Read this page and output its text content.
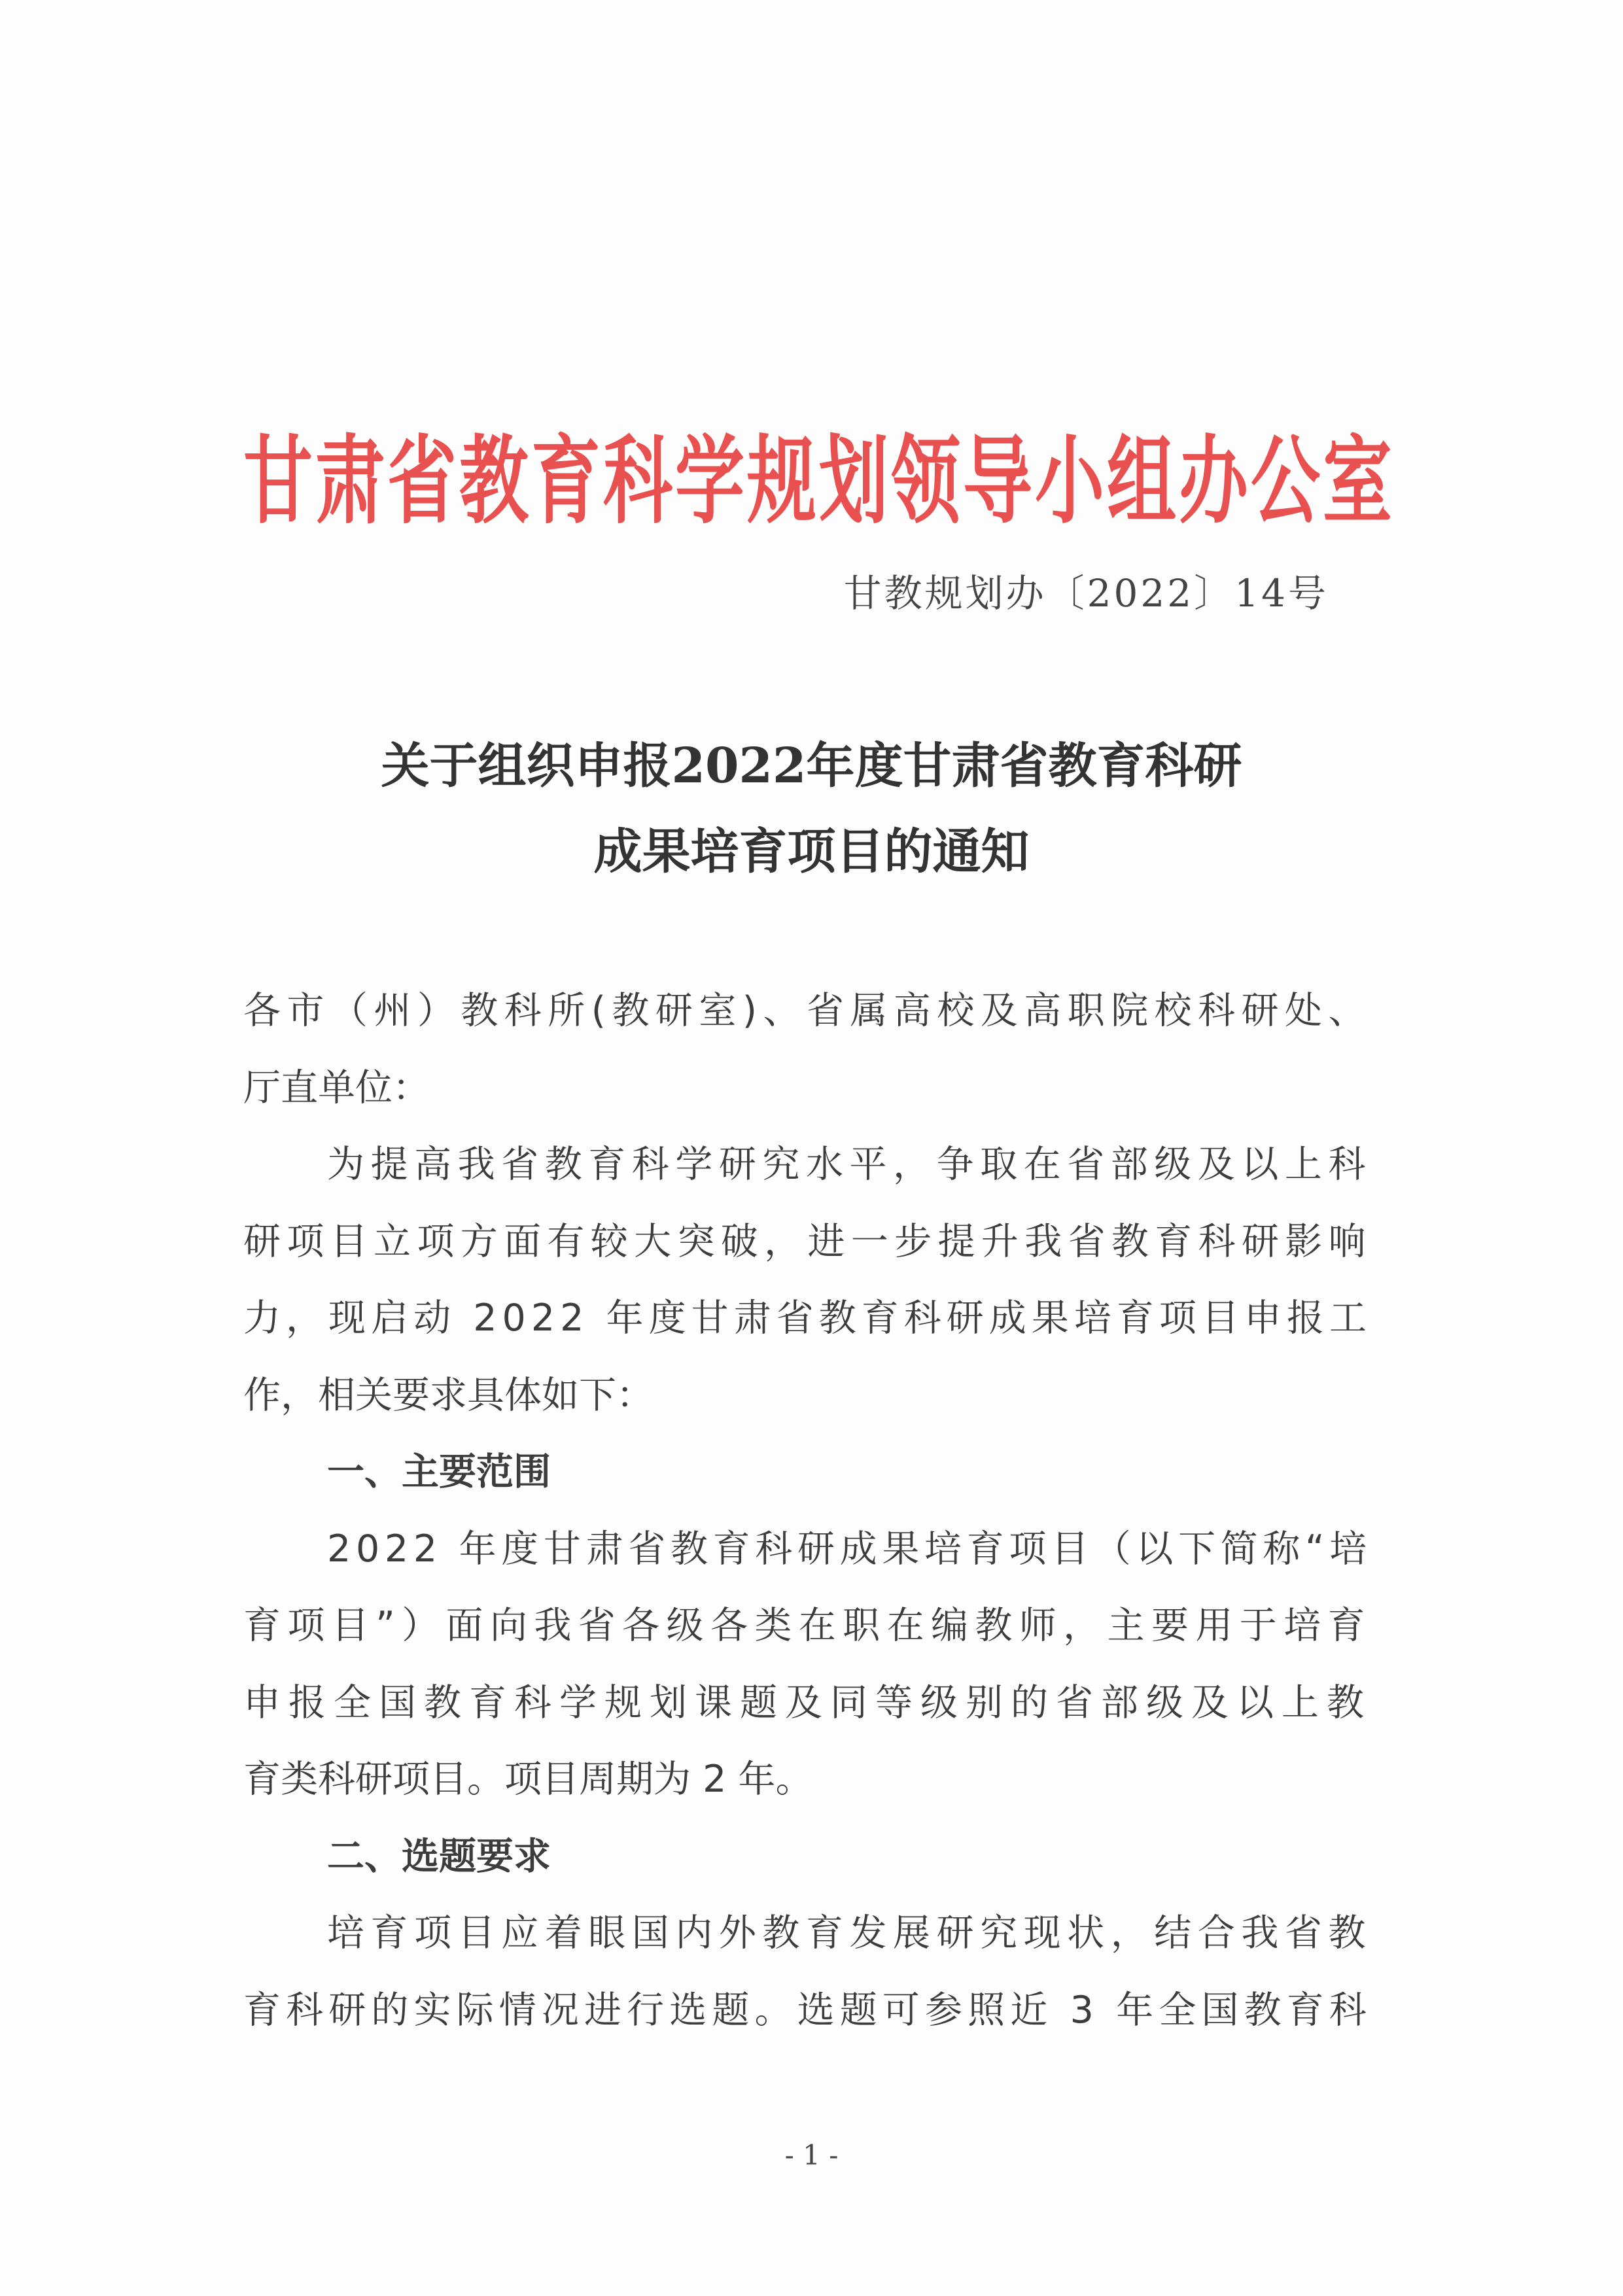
甘肃省教育科学规划领导小组办公室
甘教规划办〔2022〕14号
关于组织申报2022年度甘肃省教育科研
成果培育项目的通知
各市（州）教科所(教研室)、省属高校及高职院校科研处、
厅直单位：
为提高我省教育科学研究水平，争取在省部级及以上科
研项目立项方面有较大突破，进一步提升我省教育科研影响
力，现启动 2022 年度甘肃省教育科研成果培育项目申报工
作，相关要求具体如下：
一、主要范围
2022 年度甘肃省教育科研成果培育项目（以下简称“培
育项目”）面向我省各级各类在职在编教师，主要用于培育
申报全国教育科学规划课题及同等级别的省部级及以上教
育类科研项目。项目周期为 2 年。
二、选题要求
培育项目应着眼国内外教育发展研究现状，结合我省教
育科研的实际情况进行选题。选题可参照近 3 年全国教育科
- 1 -
